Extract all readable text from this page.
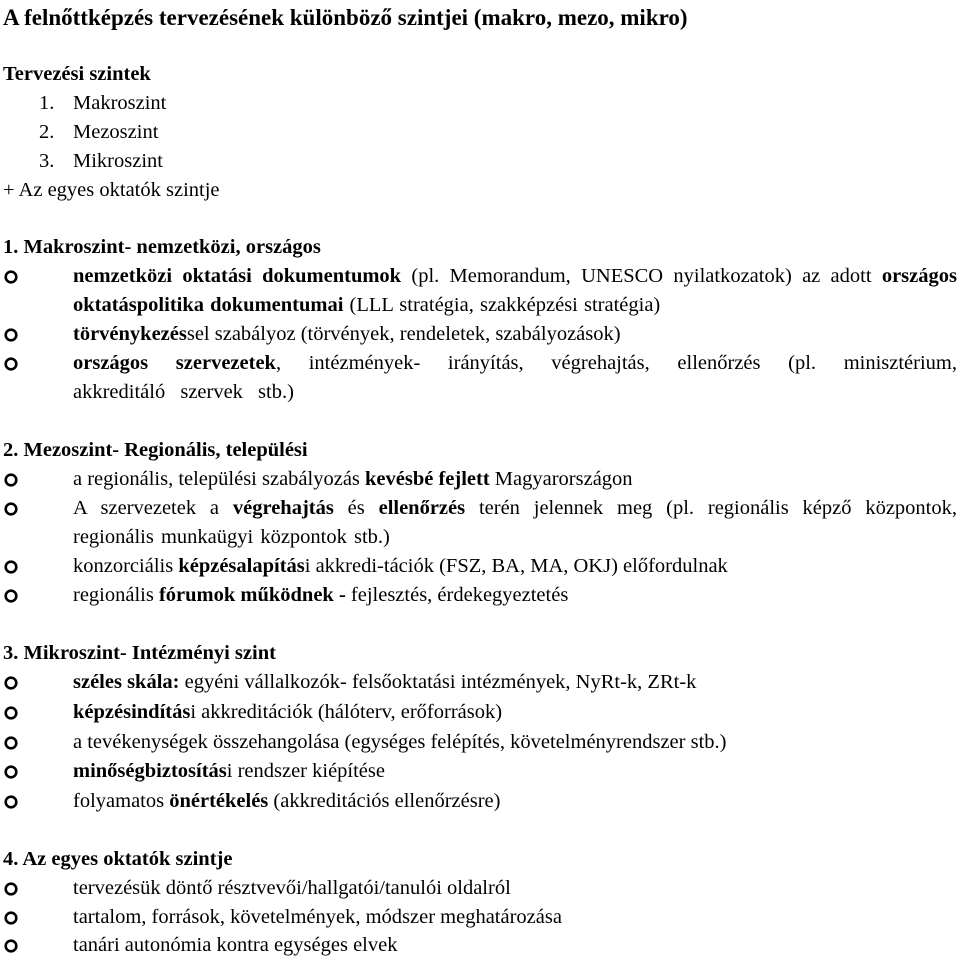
A felnőttképzés tervezésének különböző szintjei (makro, mezo, mikro)
Tervezési szintek
1. Makroszint
2. Mezoszint
3. Mikroszint
+ Az egyes oktatók szintje
1. Makroszint- nemzetközi, országos
nemzetközi oktatási dokumentumok (pl. Memorandum, UNESCO nyilatkozatok) az adott országos oktatáspolitika dokumentumai (LLL stratégia, szakképzési stratégia)
törvénykezéssel szabályoz (törvények, rendeletek, szabályozások)
országos szervezetek, intézmények- irányítás, végrehajtás, ellenőrzés (pl. minisztérium, akkreditáló szervek stb.)
2. Mezoszint- Regionális, települési
a regionális, települési szabályozás kevésbé fejlett Magyarországon
A szervezetek a végrehajtás és ellenőrzés terén jelennek meg (pl. regionális képző központok, regionális munkaügyi központok stb.)
konzorciális képzésalapítási akkredi-tációk (FSZ, BA, MA, OKJ) előfordulnak
regionális fórumok működnek - fejlesztés, érdekegyeztetés
3. Mikroszint- Intézményi szint
széles skála: egyéni vállalkozók- felsőoktatási intézmények, NyRt-k, ZRt-k
képzésindítási akkreditációk (hálóterv, erőforrások)
a tevékenységek összehangolása (egységes felépítés, követelményrendszer stb.)
minőségbiztosítási rendszer kiépítése
folyamatos önértékelés (akkreditációs ellenőrzésre)
4. Az egyes oktatók szintje
tervezésük döntő résztvevői/hallgatói/tanulói oldalról
tartalom, források, követelmények, módszer meghatározása
tanári autonómia kontra egységes elvek
